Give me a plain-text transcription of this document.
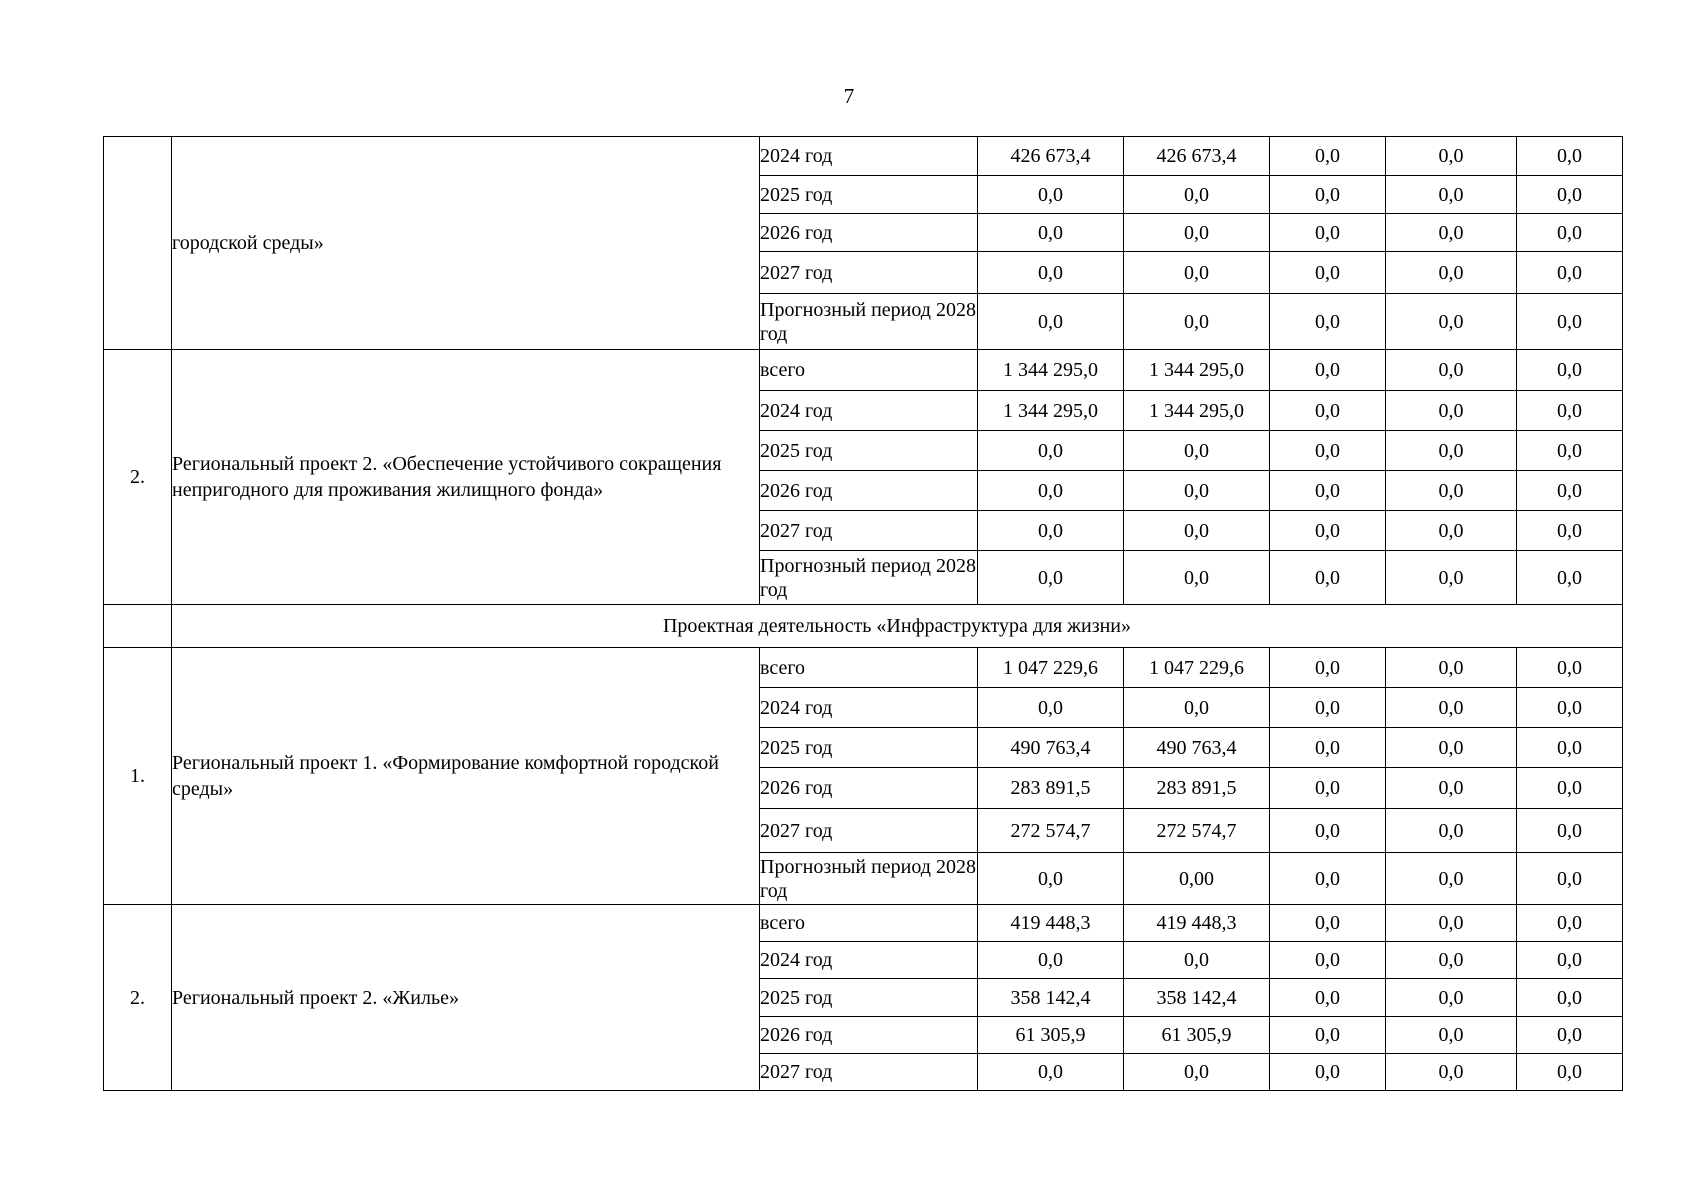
7
	городской среды»	2024 год	426 673,4	426 673,4	0,0	0,0	0,0
		2025 год	0,0	0,0	0,0	0,0	0,0
		2026 год	0,0	0,0	0,0	0,0	0,0
		2027 год	0,0	0,0	0,0	0,0	0,0
		Прогнозный период 2028 год	0,0	0,0	0,0	0,0	0,0
2.	Региональный проект 2. «Обеспечение устойчивого сокращения непригодного для проживания жилищного фонда»	всего	1 344 295,0	1 344 295,0	0,0	0,0	0,0
		2024 год	1 344 295,0	1 344 295,0	0,0	0,0	0,0
		2025 год	0,0	0,0	0,0	0,0	0,0
		2026 год	0,0	0,0	0,0	0,0	0,0
		2027 год	0,0	0,0	0,0	0,0	0,0
		Прогнозный период 2028 год	0,0	0,0	0,0	0,0	0,0
	Проектная деятельность «Инфраструктура для жизни»						
1.	Региональный проект 1. «Формирование комфортной городской среды»	всего	1 047 229,6	1 047 229,6	0,0	0,0	0,0
		2024 год	0,0	0,0	0,0	0,0	0,0
		2025 год	490 763,4	490 763,4	0,0	0,0	0,0
		2026 год	283 891,5	283 891,5	0,0	0,0	0,0
		2027 год	272 574,7	272 574,7	0,0	0,0	0,0
		Прогнозный период 2028 год	0,0	0,00	0,0	0,0	0,0
2.	Региональный проект 2. «Жилье»	всего	419 448,3	419 448,3	0,0	0,0	0,0
		2024 год	0,0	0,0	0,0	0,0	0,0
		2025 год	358 142,4	358 142,4	0,0	0,0	0,0
		2026 год	61 305,9	61 305,9	0,0	0,0	0,0
		2027 год	0,0	0,0	0,0	0,0	0,0
